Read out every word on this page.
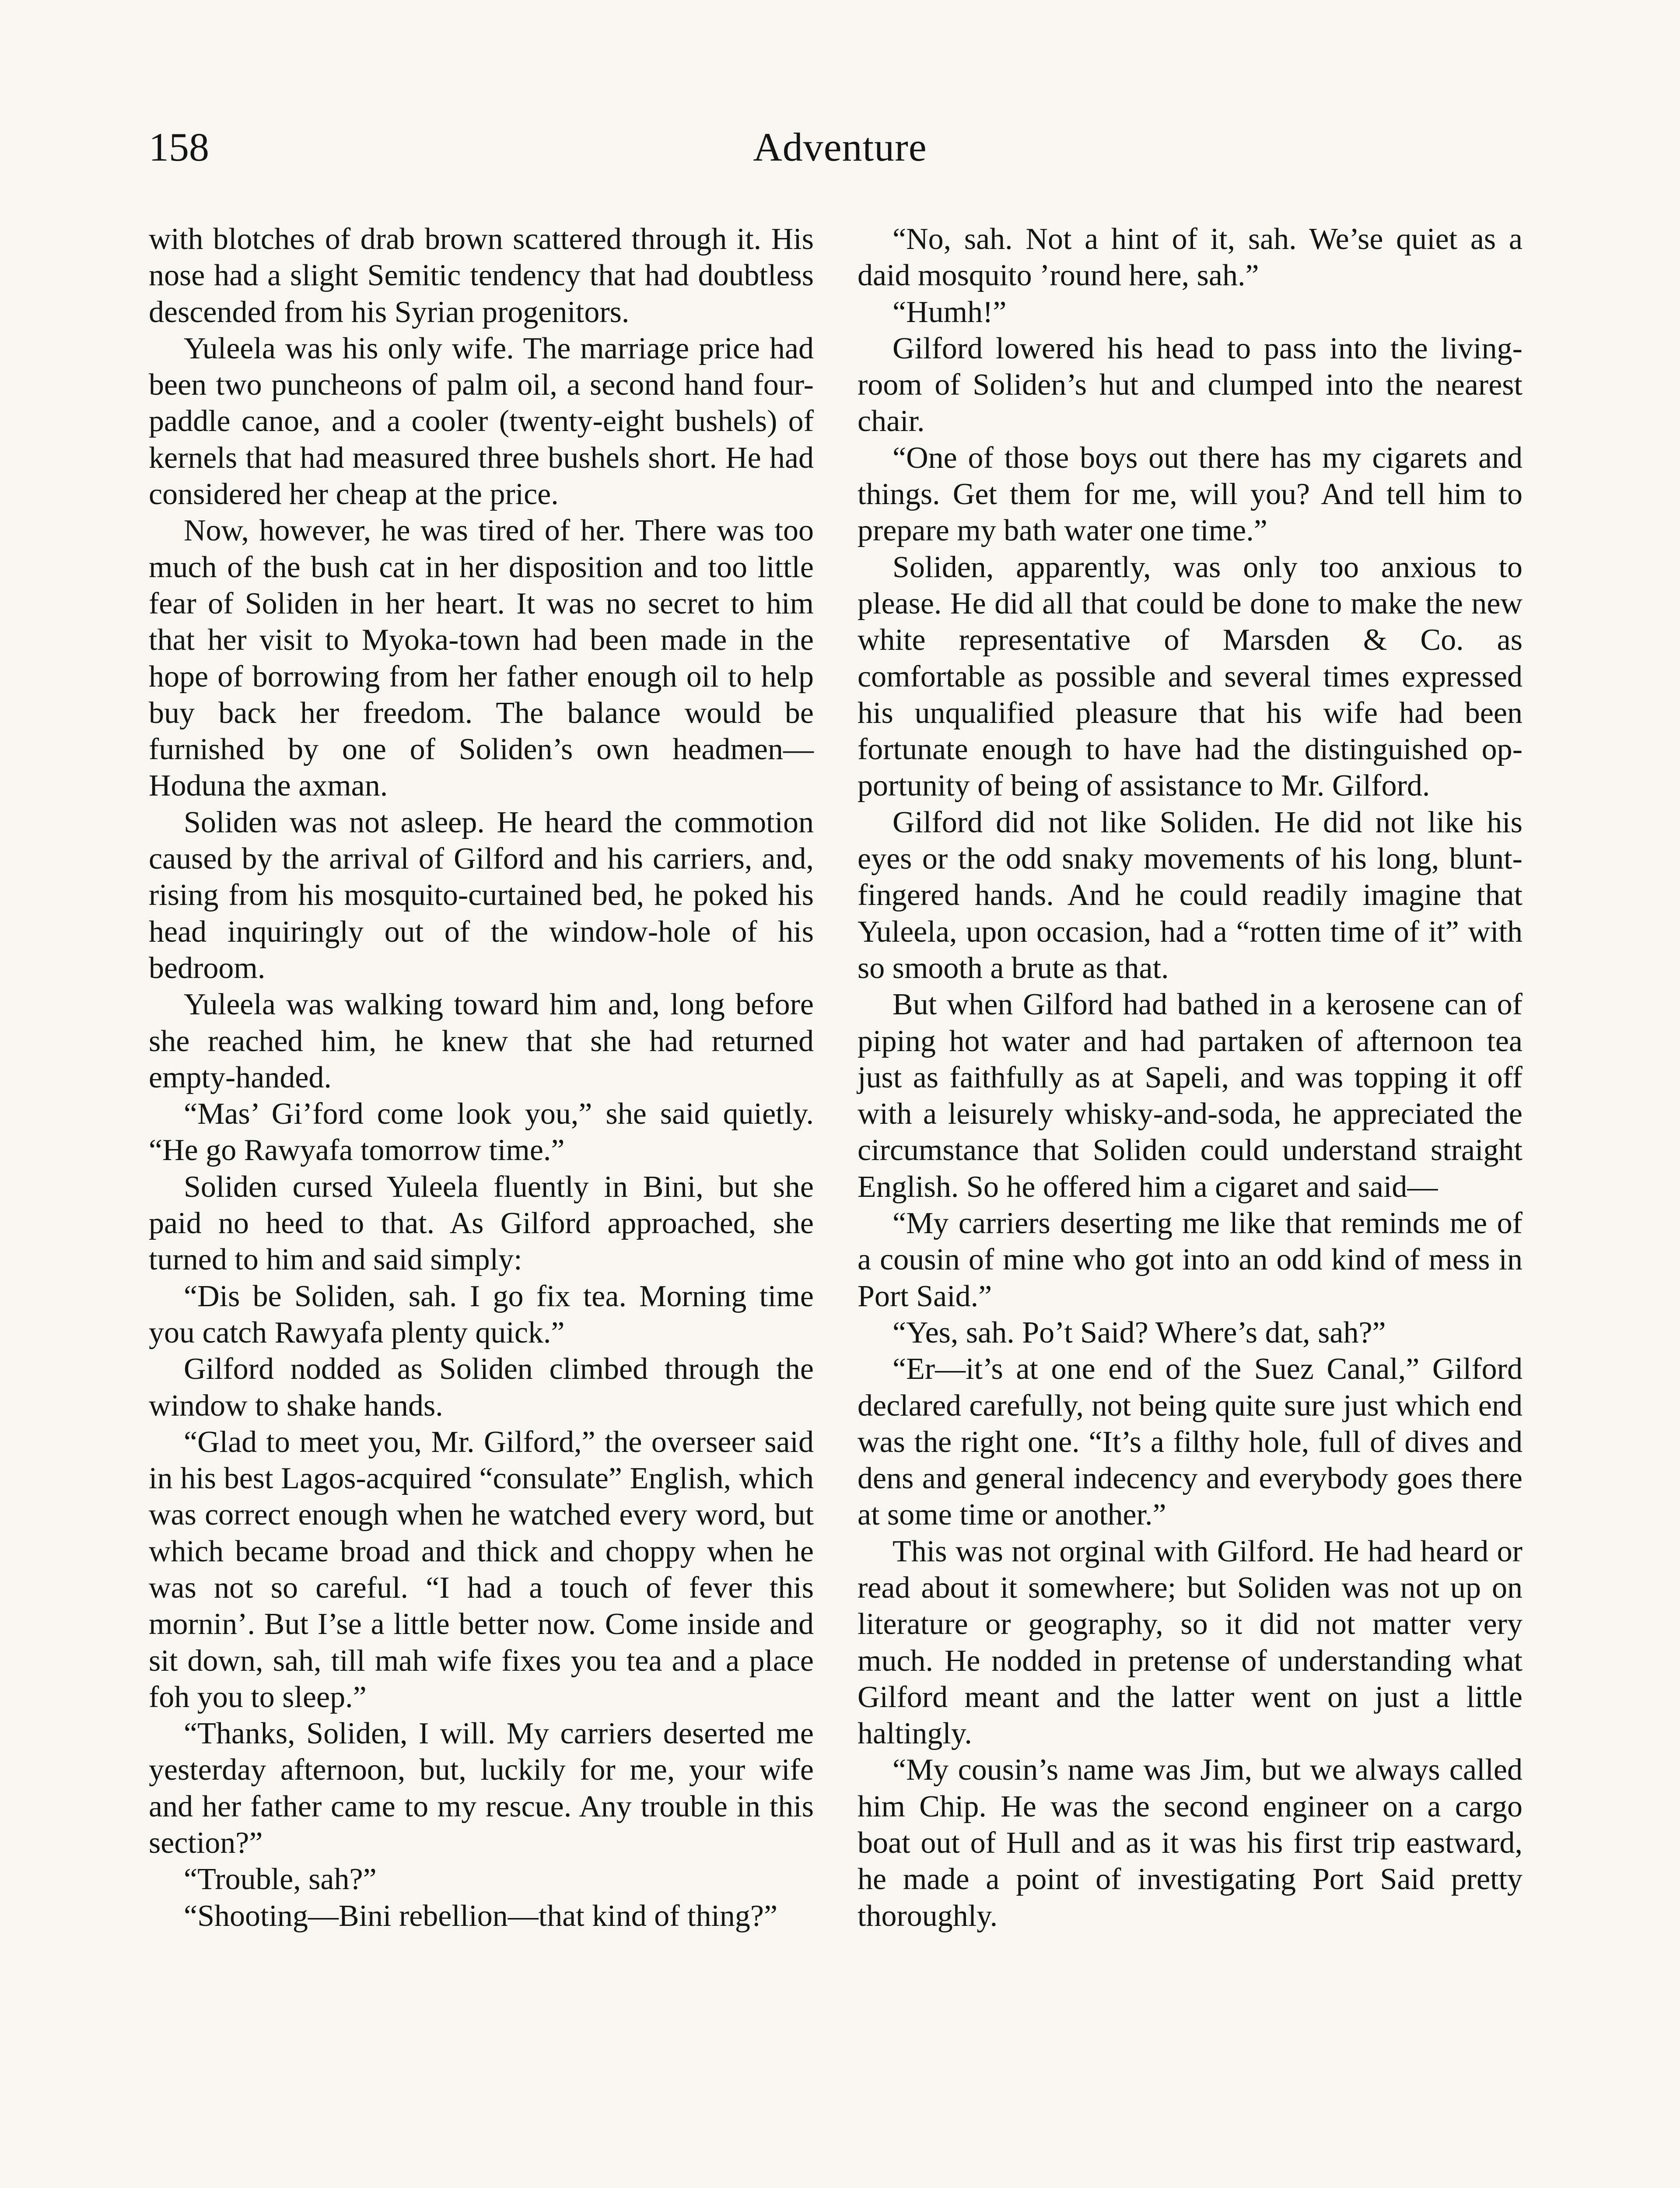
Adventure
158

with blotches of drab brown scattered through it. His nose had a slight Semitic tendency that had doubtless descended from his Syrian progenitors.

Yuleela was his only wife. The marriage price had been two puncheons of palm oil, a second hand four-paddle canoe, and a cooler (twenty-eight bushels) of kernels that had measured three bushels short. He had considered her cheap at the price.

Now, however, he was tired of her. There was too much of the bush cat in her disposition and too little fear of Soliden in her heart. It was no secret to him that her visit to Myoka-town had been made in the hope of borrowing from her father enough oil to help buy back her freedom. The balance would be furnished by one of Soliden’s own headmen—Hoduna the axman.

Soliden was not asleep. He heard the commotion caused by the arrival of Gilford and his carriers, and, rising from his mosquito-curtained bed, he poked his head inquiringly out of the window-hole of his bedroom.

Yuleela was walking toward him and, long before she reached him, he knew that she had returned empty-handed.

“Mas’ Gi’ford come look you,” she said quietly. “He go Rawyafa tomorrow time.”

Soliden cursed Yuleela fluently in Bini, but she paid no heed to that. As Gilford approached, she turned to him and said simply:

“Dis be Soliden, sah. I go fix tea. Morning time you catch Rawyafa plenty quick.”

Gilford nodded as Soliden climbed through the window to shake hands.

“Glad to meet you, Mr. Gilford,” the overseer said in his best Lagos-acquired “consulate” English, which was correct enough when he watched every word, but which became broad and thick and choppy when he was not so careful. “I had a touch of fever this mornin’. But I’se a little better now. Come inside and sit down, sah, till mah wife fixes you tea and a place foh you to sleep.”

“Thanks, Soliden, I will. My carriers deserted me yesterday afternoon, but, luckily for me, your wife and her father came to my rescue. Any trouble in this section?”

“Trouble, sah?”

“Shooting—Bini rebellion—that kind of thing?”

“No, sah. Not a hint of it, sah. We’se quiet as a daid mosquito ’round here, sah.”

“Humh!”

Gilford lowered his head to pass into the living-room of Soliden’s hut and clumped into the nearest chair.

“One of those boys out there has my cigarets and things. Get them for me, will you? And tell him to prepare my bath water one time.”

Soliden, apparently, was only too anxious to please. He did all that could be done to make the new white representative of Marsden & Co. as comfortable as possible and several times expressed his unqualified pleasure that his wife had been fortunate enough to have had the distinguished opportunity of being of assistance to Mr. Gilford.

Gilford did not like Soliden. He did not like his eyes or the odd snaky movements of his long, blunt-fingered hands. And he could readily imagine that Yuleela, upon occasion, had a “rotten time of it” with so smooth a brute as that.

But when Gilford had bathed in a kerosene can of piping hot water and had partaken of afternoon tea just as faithfully as at Sapeli, and was topping it off with a leisurely whisky-and-soda, he appreciated the circumstance that Soliden could understand straight English. So he offered him a cigaret and said—

“My carriers deserting me like that reminds me of a cousin of mine who got into an odd kind of mess in Port Said.”

“Yes, sah. Po’t Said? Where’s dat, sah?”

“Er—it’s at one end of the Suez Canal,” Gilford declared carefully, not being quite sure just which end was the right one. “It’s a filthy hole, full of dives and dens and general indecency and everybody goes there at some time or another.”

This was not orginal with Gilford. He had heard or read about it somewhere; but Soliden was not up on literature or geography, so it did not matter very much. He nodded in pretense of understanding what Gilford meant and the latter went on just a little haltingly.

“My cousin’s name was Jim, but we always called him Chip. He was the second engineer on a cargo boat out of Hull and as it was his first trip eastward, he made a point of investigating Port Said pretty thoroughly.
